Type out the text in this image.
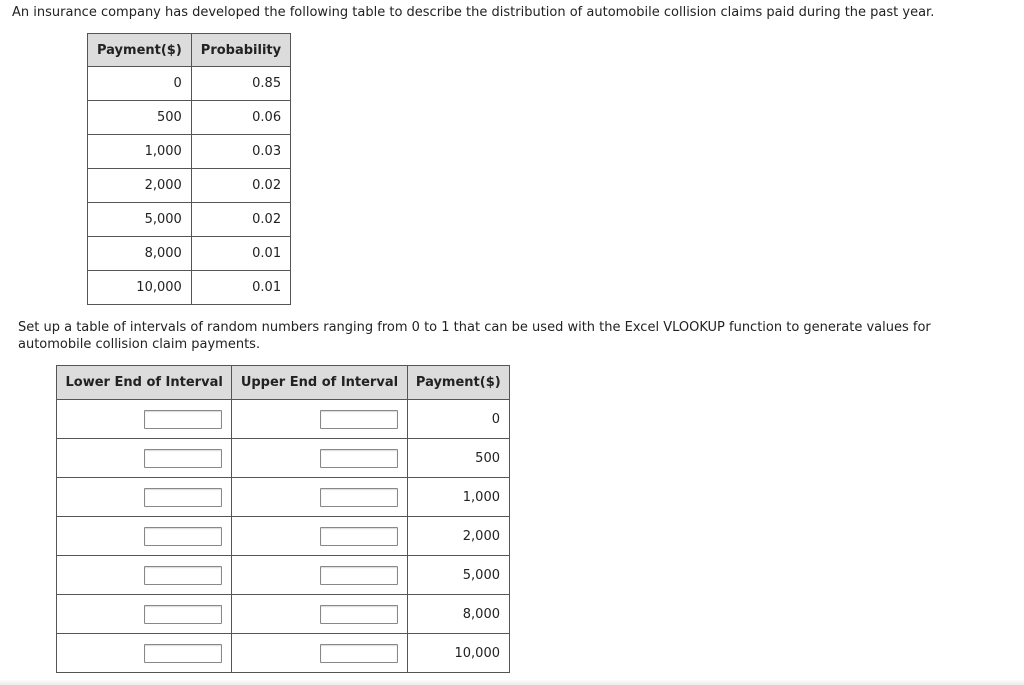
An insurance company has developed the following table to describe the distribution of automobile collision claims paid during the past year.

Payment($)	Probability
0	0.85
500	0.06
1,000	0.03
2,000	0.02
5,000	0.02
8,000	0.01
10,000	0.01

Set up a table of intervals of random numbers ranging from 0 to 1 that can be used with the Excel VLOOKUP function to generate values for automobile collision claim payments.

Lower End of Interval	Upper End of Interval	Payment($)
		0
		500
		1,000
		2,000
		5,000
		8,000
		10,000
